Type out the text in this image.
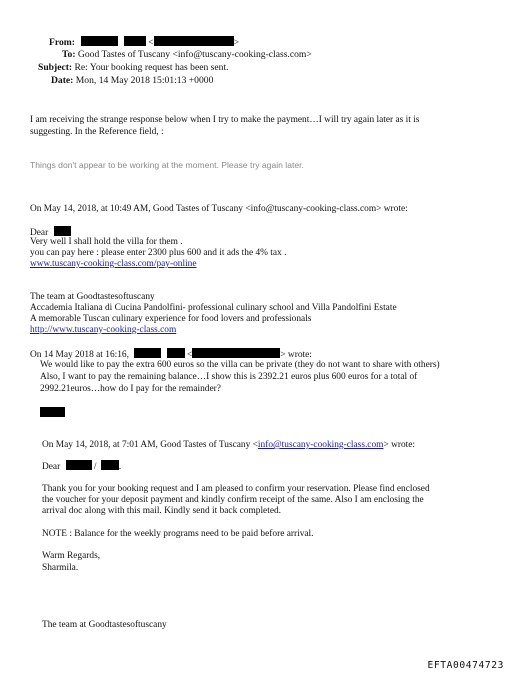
From:	<	>
To: Good Tastes of Tuscany <info@tuscany-cooking-class.com>
Subject: Re: Your booking request has been sent.
Date: Mon, 14 May 2018 15:01:13 +0000
I am receiving the strange response below when I try to make the payment…I will try again later as it is
suggesting. In the Reference field, :
Things don't appear to be working at the moment. Please try again later.
On May 14, 2018, at 10:49 AM, Good Tastes of Tuscany <info@tuscany-cooking-class.com> wrote:
Dear
Very well I shall hold the villa for them .
you can pay here : please enter 2300 plus 600 and it ads the 4% tax .
www.tuscany-cooking-class.com/pay-online
The team at Goodtastesoftuscany
Accademia Italiana di Cucina Pandolfini- professional culinary school and Villa Pandolfini Estate
A memorable Tuscan culinary experience for food lovers and professionals
http://www.tuscany-cooking-class.com
On 14 May 2018 at 16:16,	<	> wrote:
We would like to pay the extra 600 euros so the villa can be private (they do not want to share with others)
Also, I want to pay the remaining balance…I show this is 2392.21 euros plus 600 euros for a total of
2992.21euros…how do I pay for the remainder?
On May 14, 2018, at 7:01 AM, Good Tastes of Tuscany <info@tuscany-cooking-class.com> wrote:
Dear	/ .
Thank you for your booking request and I am pleased to confirm your reservation. Please find enclosed
the voucher for your deposit payment and kindly confirm receipt of the same. Also I am enclosing the
arrival doc along with this mail. Kindly send it back completed.
NOTE : Balance for the weekly programs need to be paid before arrival.
Warm Regards,
Sharmila.
The team at Goodtastesoftuscany
EFTA00474723
